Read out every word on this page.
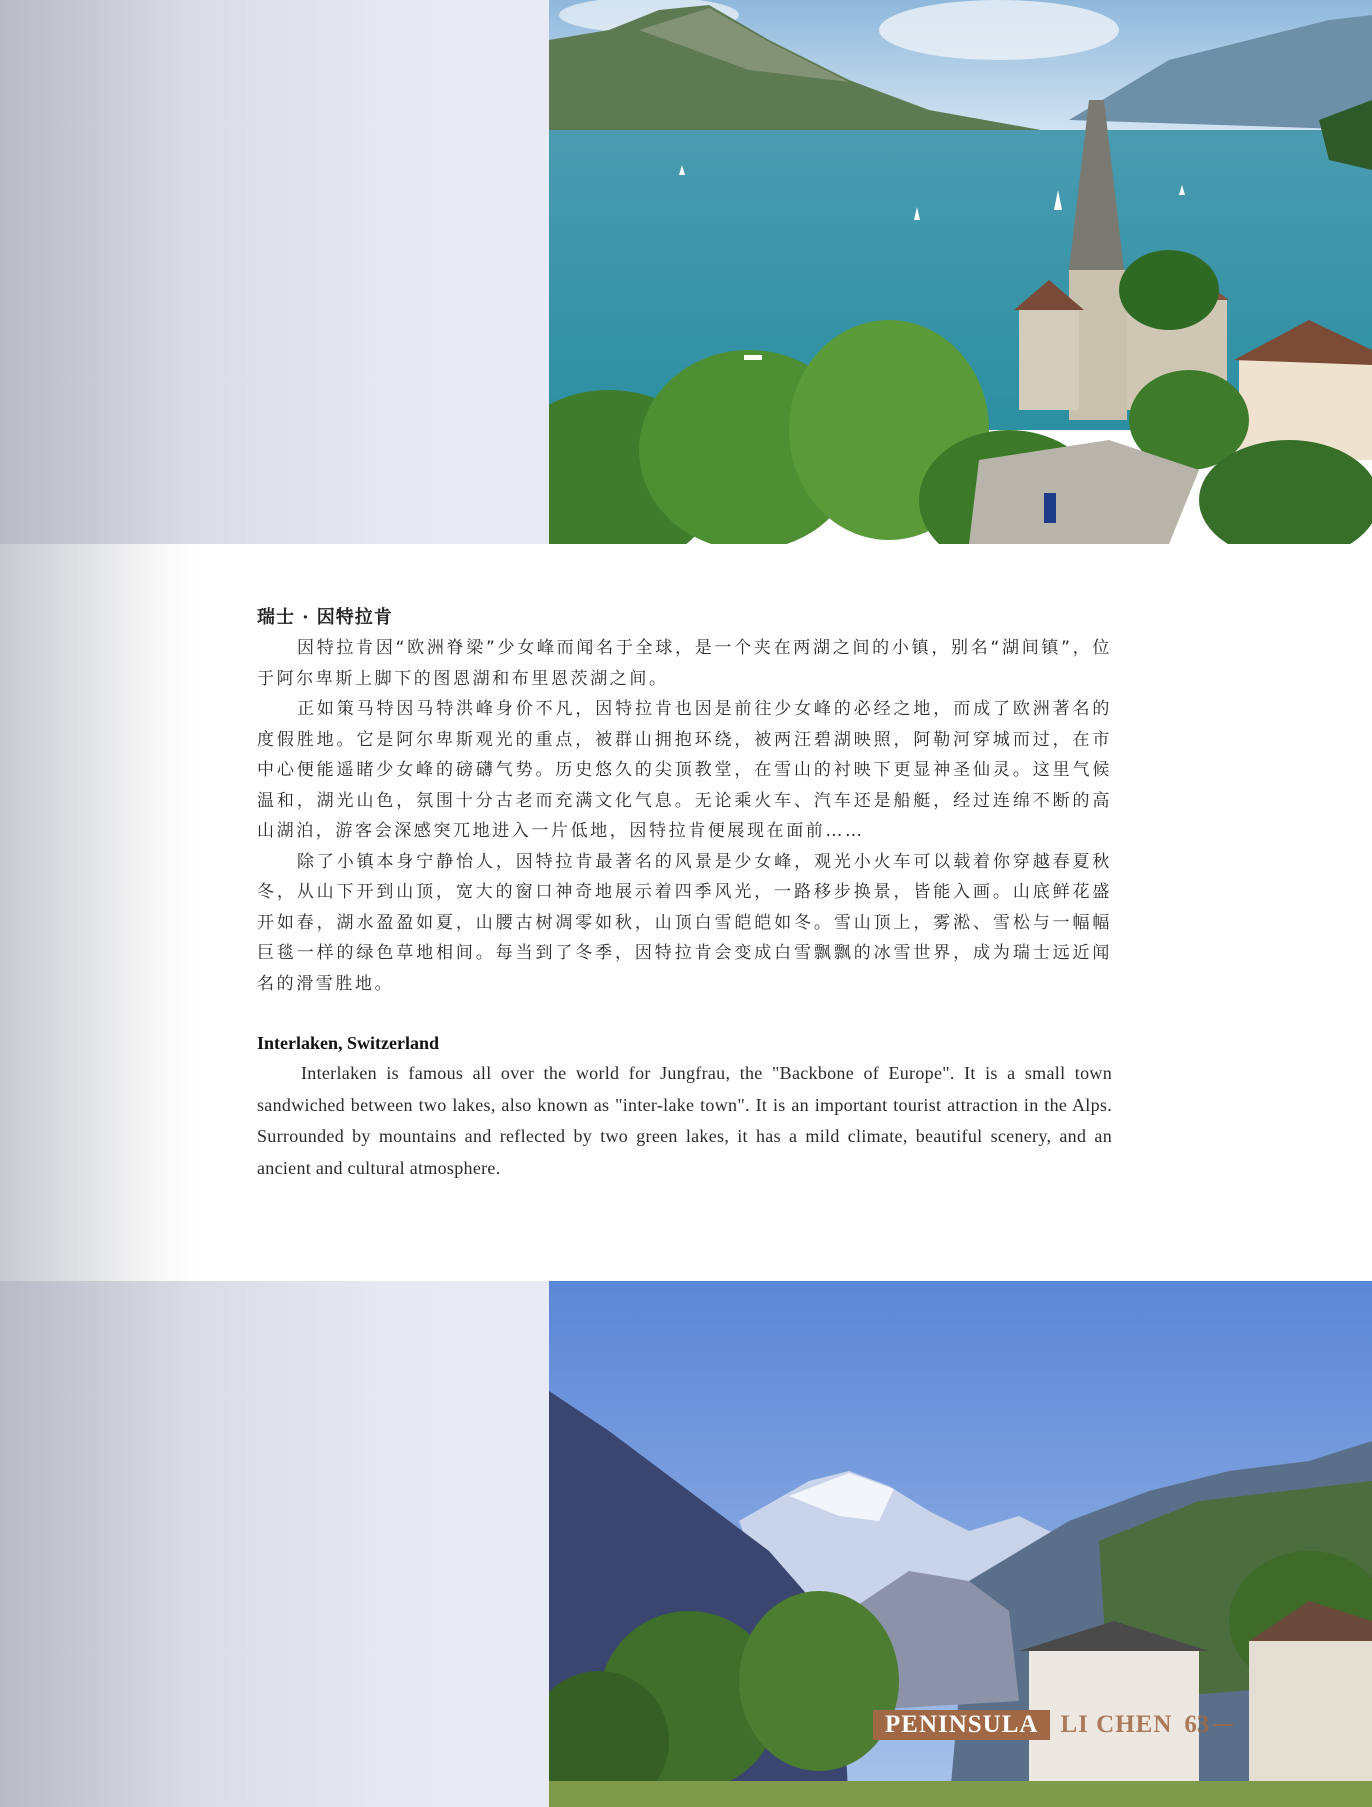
瑞士 · 因特拉肯

因特拉肯因“欧洲脊梁”少女峰而闻名于全球，是一个夹在两湖之间的小镇，别名“湖间镇”，位于阿尔卑斯上脚下的图恩湖和布里恩茨湖之间。

正如策马特因马特洪峰身价不凡，因特拉肯也因是前往少女峰的必经之地，而成了欧洲著名的度假胜地。它是阿尔卑斯观光的重点，被群山拥抱环绕，被两汪碧湖映照，阿勒河穿城而过，在市中心便能遥睹少女峰的磅礴气势。历史悠久的尖顶教堂，在雪山的衬映下更显神圣仙灵。这里气候温和，湖光山色，氛围十分古老而充满文化气息。无论乘火车、汽车还是船艇，经过连绵不断的高山湖泊，游客会深感突兀地进入一片低地，因特拉肯便展现在面前……

除了小镇本身宁静怡人，因特拉肯最著名的风景是少女峰，观光小火车可以载着你穿越春夏秋冬，从山下开到山顶，宽大的窗口神奇地展示着四季风光，一路移步换景，皆能入画。山底鲜花盛开如春，湖水盈盈如夏，山腰古树凋零如秋，山顶白雪皑皑如冬。雪山顶上，雾淞、雪松与一幅幅巨毯一样的绿色草地相间。每当到了冬季，因特拉肯会变成白雪飘飘的冰雪世界，成为瑞士远近闻名的滑雪胜地。

Interlaken, Switzerland

Interlaken is famous all over the world for Jungfrau, the "Backbone of Europe". It is a small town sandwiched between two lakes, also known as "inter-lake town". It is an important tourist attraction in the Alps. Surrounded by mountains and reflected by two green lakes, it has a mild climate, beautiful scenery, and an ancient and cultural atmosphere.

PENINSULA LI CHEN 63
